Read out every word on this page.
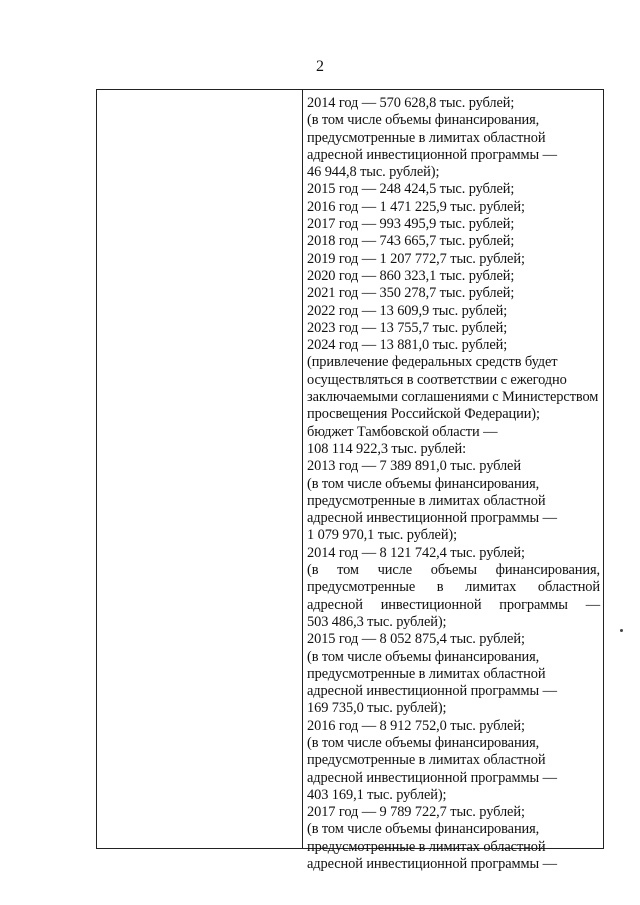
2
2014 год — 570 628,8 тыс. рублей;
(в том числе объемы финансирования,
предусмотренные в лимитах областной
адресной инвестиционной программы —
46 944,8 тыс. рублей);
2015 год — 248 424,5 тыс. рублей;
2016 год — 1 471 225,9 тыс. рублей;
2017 год — 993 495,9 тыс. рублей;
2018 год — 743 665,7 тыс. рублей;
2019 год — 1 207 772,7 тыс. рублей;
2020 год — 860 323,1 тыс. рублей;
2021 год — 350 278,7 тыс. рублей;
2022 год — 13 609,9 тыс. рублей;
2023 год — 13 755,7 тыс. рублей;
2024 год — 13 881,0 тыс. рублей;
(привлечение федеральных средств будет
осуществляться в соответствии с ежегодно
заключаемыми соглашениями с Министерством
просвещения Российской Федерации);
бюджет Тамбовской области —
108 114 922,3 тыс. рублей:
2013 год — 7 389 891,0 тыс. рублей
(в том числе объемы финансирования,
предусмотренные в лимитах областной
адресной инвестиционной программы —
1 079 970,1 тыс. рублей);
2014 год — 8 121 742,4 тыс. рублей;
(в том числе объемы финансирования,
предусмотренные в лимитах областной
адресной инвестиционной программы —
503 486,3 тыс. рублей);
2015 год — 8 052 875,4 тыс. рублей;
(в том числе объемы финансирования,
предусмотренные в лимитах областной
адресной инвестиционной программы —
169 735,0 тыс. рублей);
2016 год — 8 912 752,0 тыс. рублей;
(в том числе объемы финансирования,
предусмотренные в лимитах областной
адресной инвестиционной программы —
403 169,1 тыс. рублей);
2017 год — 9 789 722,7 тыс. рублей;
(в том числе объемы финансирования,
предусмотренные в лимитах областной
адресной инвестиционной программы —
